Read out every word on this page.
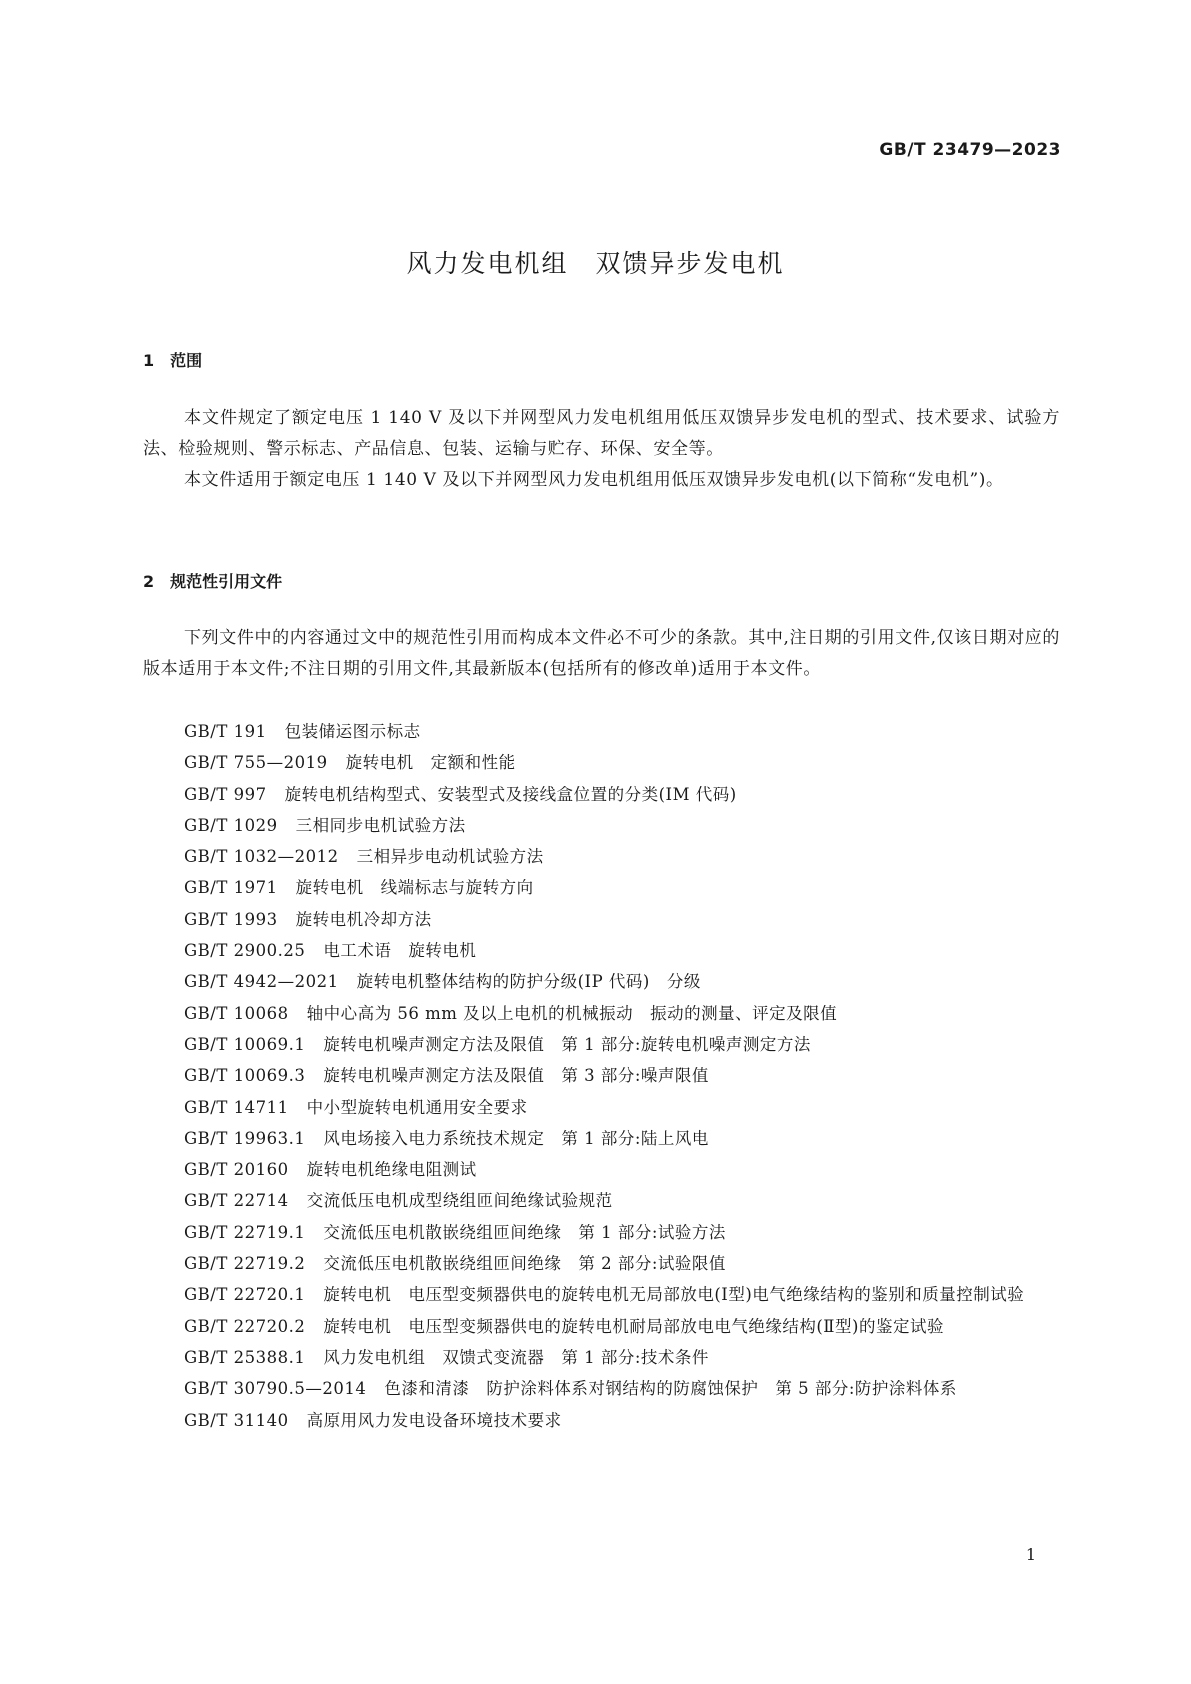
GB/T 23479—2023
风力发电机组　双馈异步发电机
1　范围
本文件规定了额定电压 1 140 V 及以下并网型风力发电机组用低压双馈异步发电机的型式、技术要求、试验方法、检验规则、警示标志、产品信息、包装、运输与贮存、环保、安全等。
本文件适用于额定电压 1 140 V 及以下并网型风力发电机组用低压双馈异步发电机(以下简称“发电机”)。
2　规范性引用文件
下列文件中的内容通过文中的规范性引用而构成本文件必不可少的条款。其中,注日期的引用文件,仅该日期对应的版本适用于本文件;不注日期的引用文件,其最新版本(包括所有的修改单)适用于本文件。
GB/T 191 包装储运图示标志
GB/T 755—2019 旋转电机　定额和性能
GB/T 997 旋转电机结构型式、安装型式及接线盒位置的分类(IM 代码)
GB/T 1029 三相同步电机试验方法
GB/T 1032—2012 三相异步电动机试验方法
GB/T 1971 旋转电机　线端标志与旋转方向
GB/T 1993 旋转电机冷却方法
GB/T 2900.25 电工术语　旋转电机
GB/T 4942—2021 旋转电机整体结构的防护分级(IP 代码)　分级
GB/T 10068 轴中心高为 56 mm 及以上电机的机械振动　振动的测量、评定及限值
GB/T 10069.1 旋转电机噪声测定方法及限值　第 1 部分:旋转电机噪声测定方法
GB/T 10069.3 旋转电机噪声测定方法及限值　第 3 部分:噪声限值
GB/T 14711 中小型旋转电机通用安全要求
GB/T 19963.1 风电场接入电力系统技术规定　第 1 部分:陆上风电
GB/T 20160 旋转电机绝缘电阻测试
GB/T 22714 交流低压电机成型绕组匝间绝缘试验规范
GB/T 22719.1 交流低压电机散嵌绕组匝间绝缘　第 1 部分:试验方法
GB/T 22719.2 交流低压电机散嵌绕组匝间绝缘　第 2 部分:试验限值
GB/T 22720.1 旋转电机　电压型变频器供电的旋转电机无局部放电(Ⅰ型)电气绝缘结构的鉴别和质量控制试验
GB/T 22720.2 旋转电机　电压型变频器供电的旋转电机耐局部放电电气绝缘结构(Ⅱ型)的鉴定试验
GB/T 25388.1 风力发电机组　双馈式变流器　第 1 部分:技术条件
GB/T 30790.5—2014 色漆和清漆　防护涂料体系对钢结构的防腐蚀保护　第 5 部分:防护涂料体系
GB/T 31140 高原用风力发电设备环境技术要求
1
